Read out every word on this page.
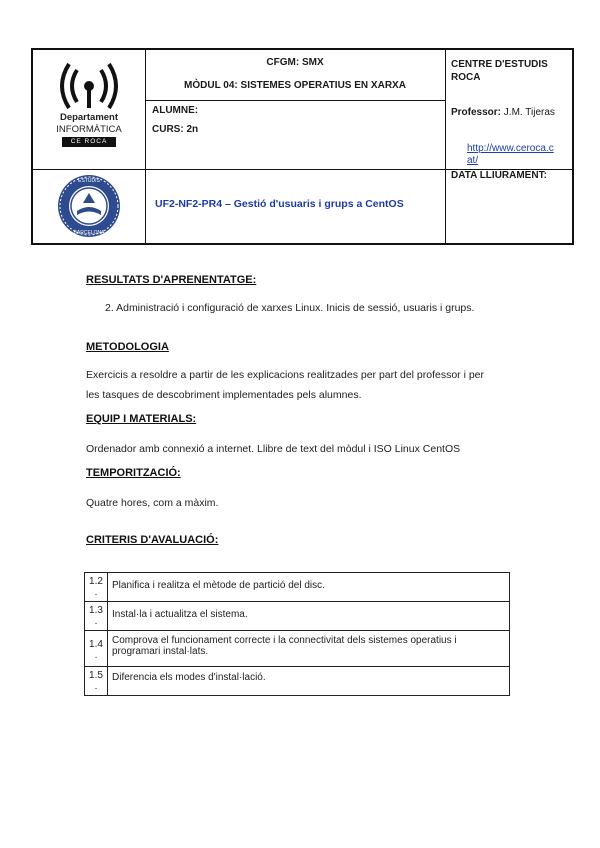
Departament
INFORMÀTICA
CE ROCA
ESTUDIS
BARCELONA
CFGM: SMX
MÒDUL 04: SISTEMES OPERATIUS EN XARXA
ALUMNE:
CURS: 2n
UF2-NF2-PR4 – Gestió d'usuaris i grups a CentOS
CENTRE D'ESTUDIS
ROCA
Professor: J.M. Tijeras
http://www.ceroca.c
at/
DATA LLIURAMENT:
RESULTATS D'APRENENTATGE:
2. Administració i configuració de xarxes Linux. Inicis de sessió, usuaris i grups.
METODOLOGIA
Exercicis a resoldre a partir de les explicacions realitzades per part del professor i per
les tasques de descobriment implementades pels alumnes.
EQUIP I MATERIALS:
Ordenador amb connexió a internet. Llibre de text del mòdul i ISO Linux CentOS
TEMPORITZACIÓ:
Quatre hores, com a màxim.
CRITERIS D'AVALUACIÓ:
1.2
.	Planifica i realitza el mètode de partició del disc.
1.3
.	Instal·la i actualitza el sistema.
1.4
.	Comprova el funcionament correcte i la connectivitat dels sistemes operatius i programari instal·lats.
1.5
.	Diferencia els modes d'instal·lació.
